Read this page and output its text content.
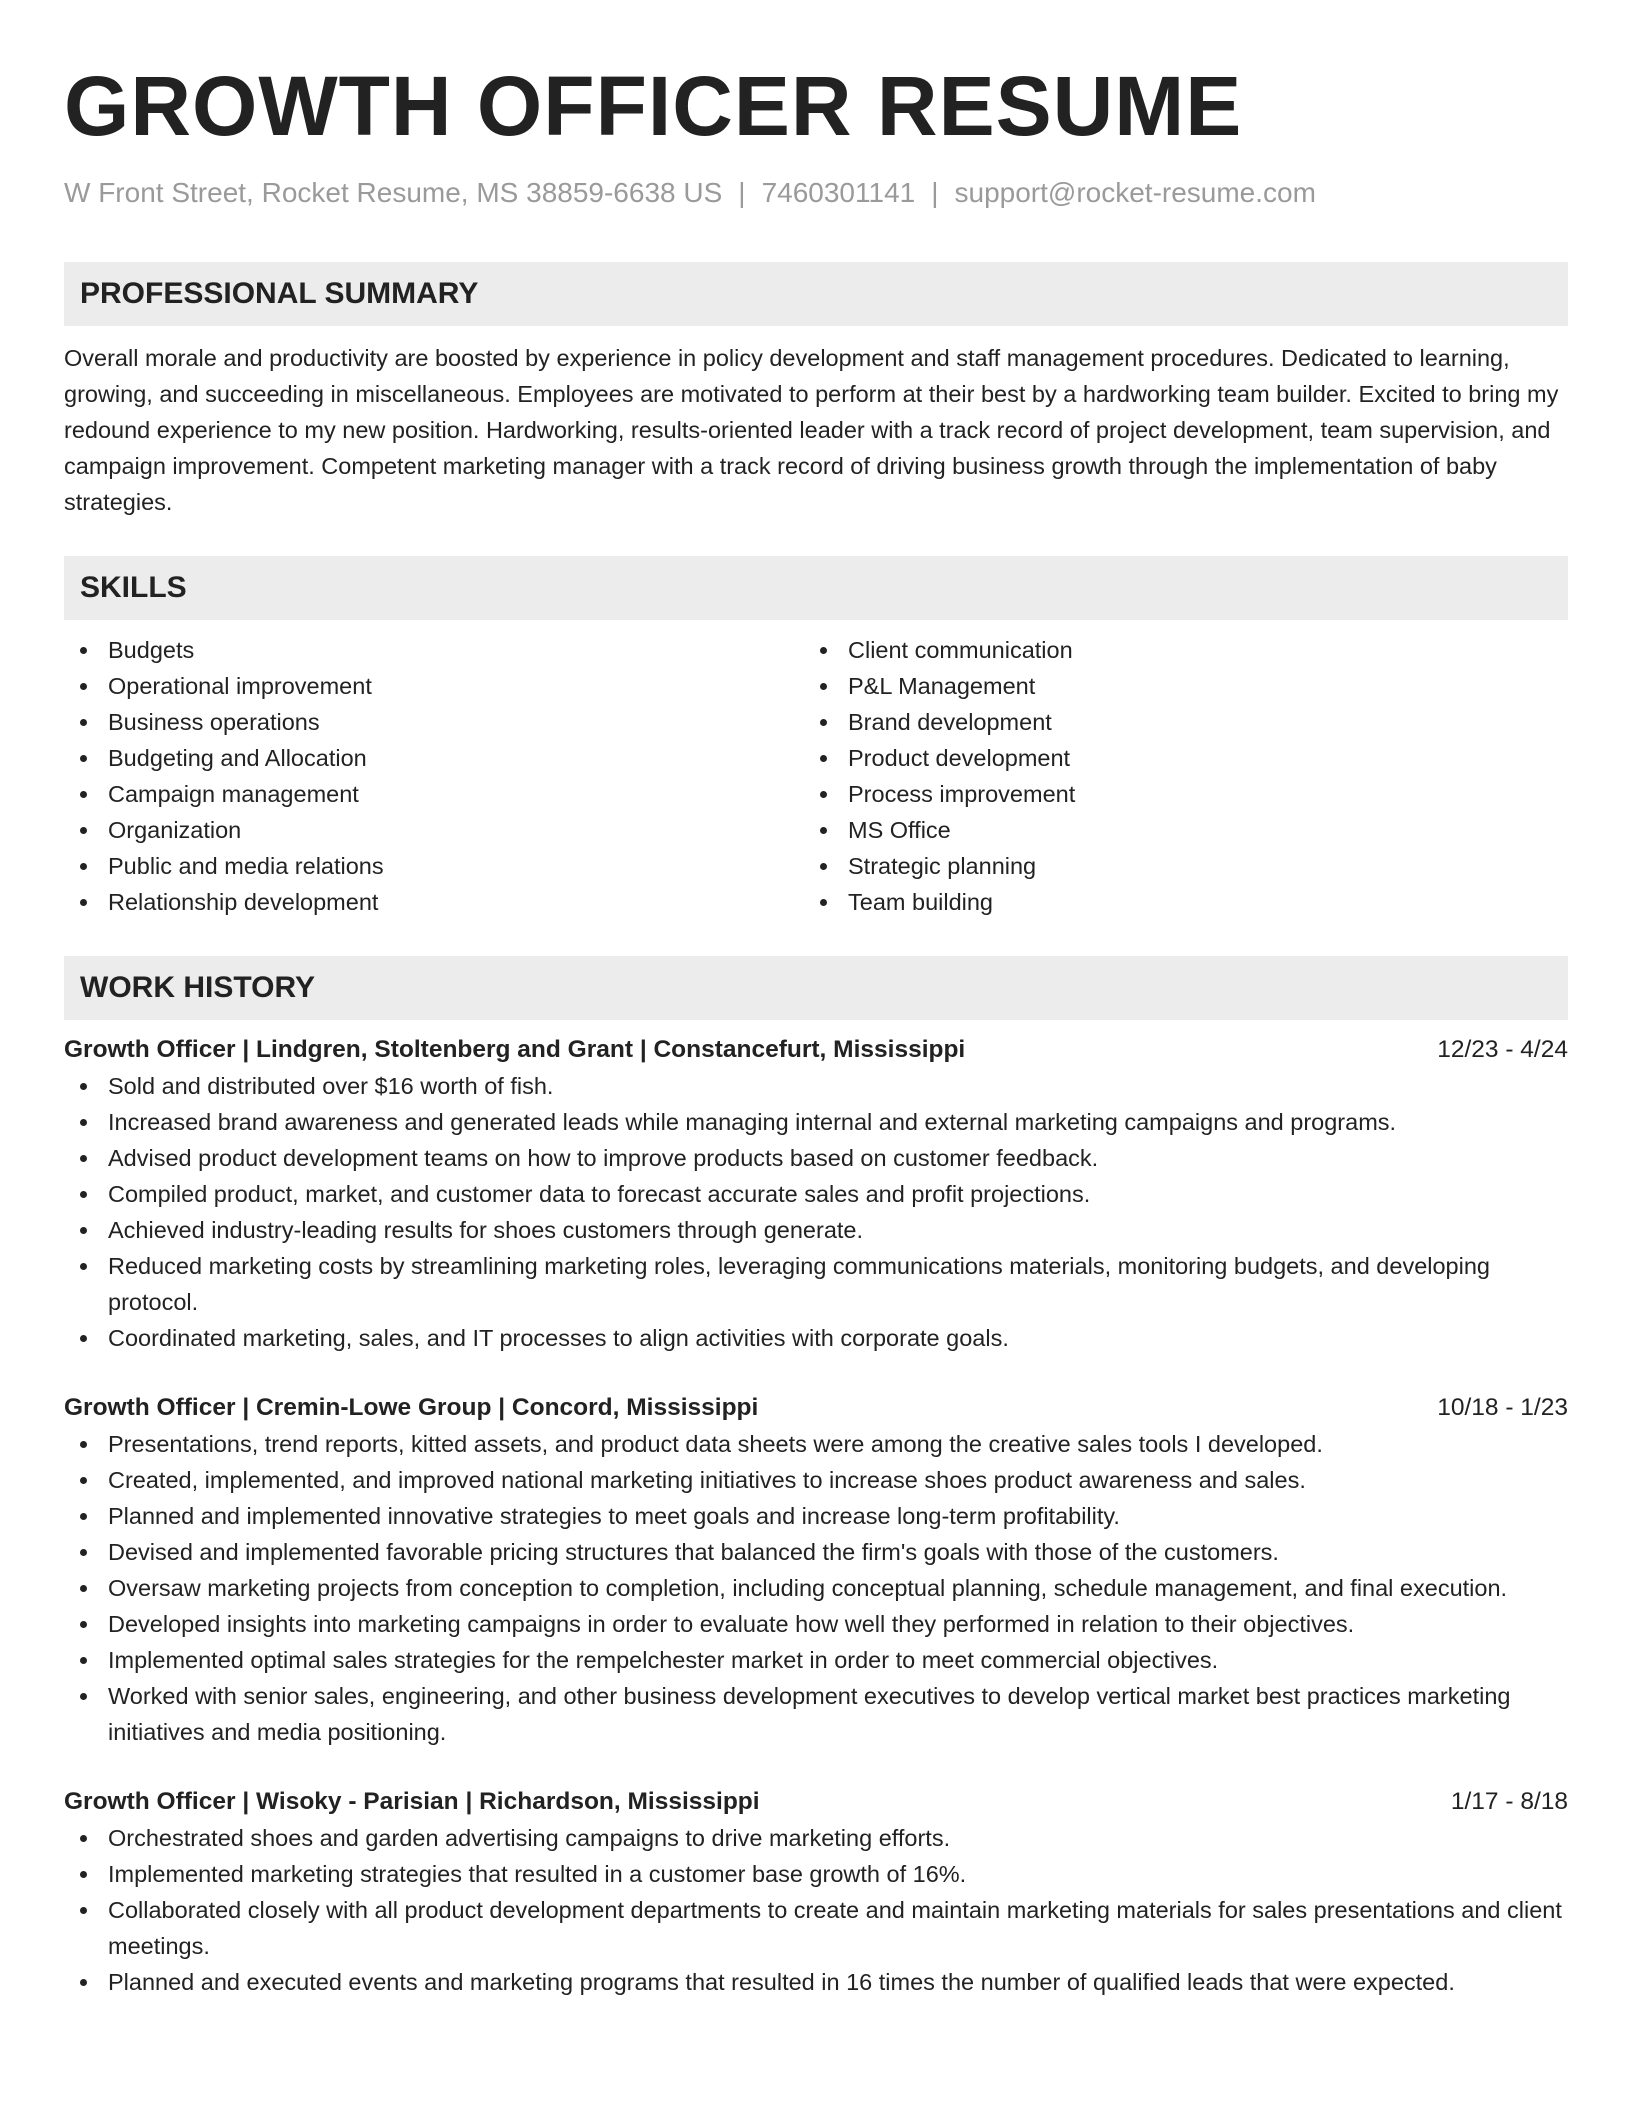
GROWTH OFFICER RESUME
W Front Street, Rocket Resume, MS 38859-6638 US | 7460301141 | support@rocket-resume.com
PROFESSIONAL SUMMARY

Overall morale and productivity are boosted by experience in policy development and staff management procedures. Dedicated to learning, growing, and succeeding in miscellaneous. Employees are motivated to perform at their best by a hardworking team builder. Excited to bring my redound experience to my new position. Hardworking, results-oriented leader with a track record of project development, team supervision, and campaign improvement. Competent marketing manager with a track record of driving business growth through the implementation of baby strategies.

SKILLS
Budgets
Operational improvement
Business operations
Budgeting and Allocation
Campaign management
Organization
Public and media relations
Relationship development
Client communication
P&L Management
Brand development
Product development
Process improvement
MS Office
Strategic planning
Team building
WORK HISTORY
Growth Officer | Lindgren, Stoltenberg and Grant | Constancefurt, Mississippi	12/23 - 4/24
Sold and distributed over $16 worth of fish.
Increased brand awareness and generated leads while managing internal and external marketing campaigns and programs.
Advised product development teams on how to improve products based on customer feedback.
Compiled product, market, and customer data to forecast accurate sales and profit projections.
Achieved industry-leading results for shoes customers through generate.
Reduced marketing costs by streamlining marketing roles, leveraging communications materials, monitoring budgets, and developing protocol.
Coordinated marketing, sales, and IT processes to align activities with corporate goals.
Growth Officer | Cremin-Lowe Group | Concord, Mississippi	10/18 - 1/23
Presentations, trend reports, kitted assets, and product data sheets were among the creative sales tools I developed.
Created, implemented, and improved national marketing initiatives to increase shoes product awareness and sales.
Planned and implemented innovative strategies to meet goals and increase long-term profitability.
Devised and implemented favorable pricing structures that balanced the firm's goals with those of the customers.
Oversaw marketing projects from conception to completion, including conceptual planning, schedule management, and final execution.
Developed insights into marketing campaigns in order to evaluate how well they performed in relation to their objectives.
Implemented optimal sales strategies for the rempelchester market in order to meet commercial objectives.
Worked with senior sales, engineering, and other business development executives to develop vertical market best practices marketing initiatives and media positioning.
Growth Officer | Wisoky - Parisian | Richardson, Mississippi	1/17 - 8/18
Orchestrated shoes and garden advertising campaigns to drive marketing efforts.
Implemented marketing strategies that resulted in a customer base growth of 16%.
Collaborated closely with all product development departments to create and maintain marketing materials for sales presentations and client meetings.
Planned and executed events and marketing programs that resulted in 16 times the number of qualified leads that were expected.
